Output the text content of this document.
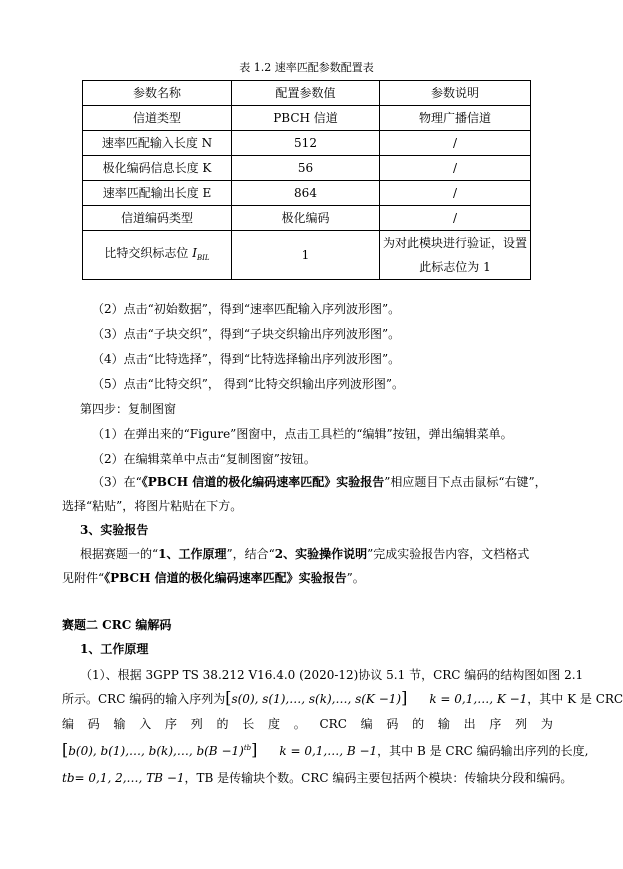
表 1.2 速率匹配参数配置表
参数名称	配置参数值	参数说明
信道类型	PBCH 信道	物理广播信道
速率匹配输入长度 N	512	/
极化编码信息长度 K	56	/
速率匹配输出长度 E	864	/
信道编码类型	极化编码	/
比特交织标志位 $I_{BIL}$	1	为对此模块进行验证，设置此标志位为 1
（2）点击“初始数据”，得到“速率匹配输入序列波形图”。
（3）点击“子块交织”，得到“子块交织输出序列波形图”。
（4）点击“比特选择”，得到“比特选择输出序列波形图”。
（5）点击“比特交织”， 得到“比特交织输出序列波形图”。
第四步：复制图窗
（1）在弹出来的“Figure”图窗中，点击工具栏的“编辑”按钮，弹出编辑菜单。
（2）在编辑菜单中点击“复制图窗”按钮。
（3）在“《PBCH 信道的极化编码速率匹配》实验报告”相应题目下点击鼠标“右键”，
选择“粘贴”，将图片粘贴在下方。
3、实验报告
根据赛题一的“1、工作原理”，结合“2、实验操作说明”完成实验报告内容，文档格式
见附件“《PBCH 信道的极化编码速率匹配》实验报告”。
赛题二 CRC 编解码
1、工作原理
（1）、根据 3GPP TS 38.212 V16.4.0 (2020-12)协议 5.1 节，CRC 编码的结构图如图 2.1
所示。CRC 编码的输入序列为[s(0), s(1),…, s(k),…, s(K −1)] k = 0,1,…, K −1，其中 K 是 CRC
编 码 输 入 序 列 的 长 度 。 CRC 编 码 的 输 出 序 列 为
[b(0), b(1),…, b(k),…, $b(B -1)^{tb}$] k = 0,1,…, B −1，其中 B 是 CRC 编码输出序列的长度,
tb= 0,1, 2,…, TB −1，TB 是传输块个数。CRC 编码主要包括两个模块：传输块分段和编码。
